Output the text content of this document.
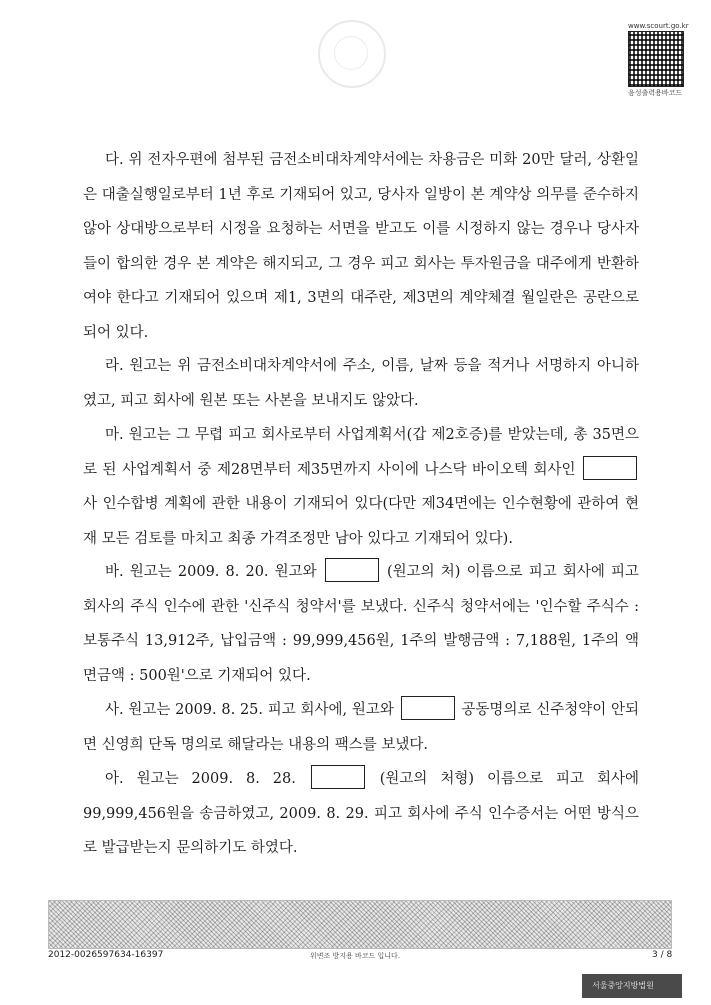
www.scourt.go.kr
음성출력용바코드

다. 위 전자우편에 첨부된 금전소비대차계약서에는 차용금은 미화 20만 달러, 상환일은 대출실행일로부터 1년 후로 기재되어 있고, 당사자 일방이 본 계약상 의무를 준수하지 않아 상대방으로부터 시정을 요청하는 서면을 받고도 이를 시정하지 않는 경우나 당사자들이 합의한 경우 본 계약은 해지되고, 그 경우 피고 회사는 투자원금을 대주에게 반환하여야 한다고 기재되어 있으며 제1, 3면의 대주란, 제3면의 계약체결 월일란은 공란으로 되어 있다.

라. 원고는 위 금전소비대차계약서에 주소, 이름, 날짜 등을 적거나 서명하지 아니하였고, 피고 회사에 원본 또는 사본을 보내지도 않았다.

마. 원고는 그 무렵 피고 회사로부터 사업계획서(갑 제2호증)를 받았는데, 총 35면으로 된 사업계획서 중 제28면부터 제35면까지 사이에 나스닥 바이오텍 회사인  사 인수합병 계획에 관한 내용이 기재되어 있다(다만 제34면에는 인수현황에 관하여 현재 모든 검토를 마치고 최종 가격조정만 남아 있다고 기재되어 있다).

바. 원고는 2009. 8. 20. 원고와	(원고의 처) 이름으로 피고 회사에 피고 회사의 주식 인수에 관한 '신주식 청약서'를 보냈다. 신주식 청약서에는 '인수할 주식수 : 보통주식 13,912주, 납입금액 : 99,999,456원, 1주의 발행금액 : 7,188원, 1주의 액면금액 : 500원'으로 기재되어 있다.

사. 원고는 2009. 8. 25. 피고 회사에, 원고와	공동명의로 신주청약이 안되면 신영희 단독 명의로 해달라는 내용의 팩스를 보냈다.

아. 원고는 2009. 8. 28.	(원고의 처형) 이름으로 피고 회사에 99,999,456원을 송금하였고, 2009. 8. 29. 피고 회사에 주식 인수증서는 어떤 방식으로 발급받는지 문의하기도 하였다.

2012-0026597634-16397	위변조 방지용 바코드 입니다.	3 / 8
서울중앙지방법원
